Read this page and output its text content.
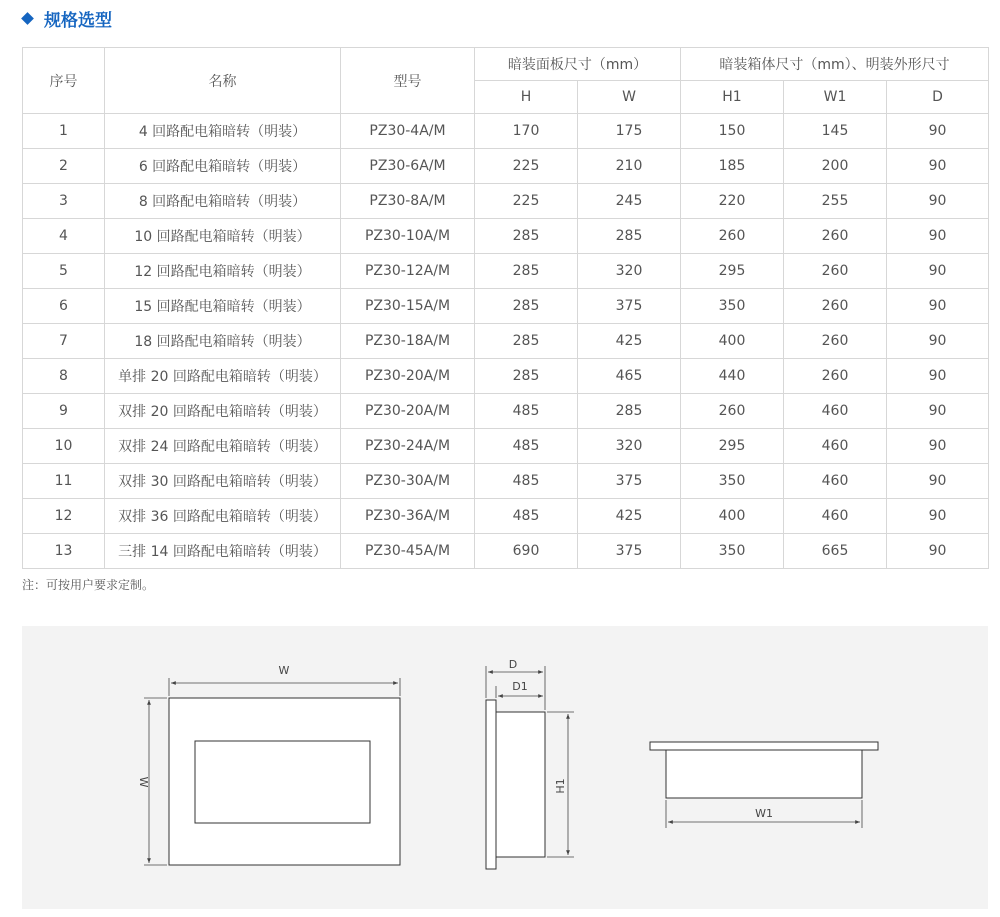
规格选型
序号	名称	型号	暗装面板尺寸（mm）		暗装箱体尺寸（mm）、明装外形尺寸		
			H	W	H1	W1	D
1	4 回路配电箱暗转（明装）	PZ30-4A/M	170	175	150	145	90
2	6 回路配电箱暗转（明装）	PZ30-6A/M	225	210	185	200	90
3	8 回路配电箱暗转（明装）	PZ30-8A/M	225	245	220	255	90
4	10 回路配电箱暗转（明装）	PZ30-10A/M	285	285	260	260	90
5	12 回路配电箱暗转（明装）	PZ30-12A/M	285	320	295	260	90
6	15 回路配电箱暗转（明装）	PZ30-15A/M	285	375	350	260	90
7	18 回路配电箱暗转（明装）	PZ30-18A/M	285	425	400	260	90
8	单排 20 回路配电箱暗转（明装）	PZ30-20A/M	285	465	440	260	90
9	双排 20 回路配电箱暗转（明装）	PZ30-20A/M	485	285	260	460	90
10	双排 24 回路配电箱暗转（明装）	PZ30-24A/M	485	320	295	460	90
11	双排 30 回路配电箱暗转（明装）	PZ30-30A/M	485	375	350	460	90
12	双排 36 回路配电箱暗转（明装）	PZ30-36A/M	485	425	400	460	90
13	三排 14 回路配电箱暗转（明装）	PZ30-45A/M	690	375	350	665	90
注：可按用户要求定制。
W
W
D
D1
H1
W1
